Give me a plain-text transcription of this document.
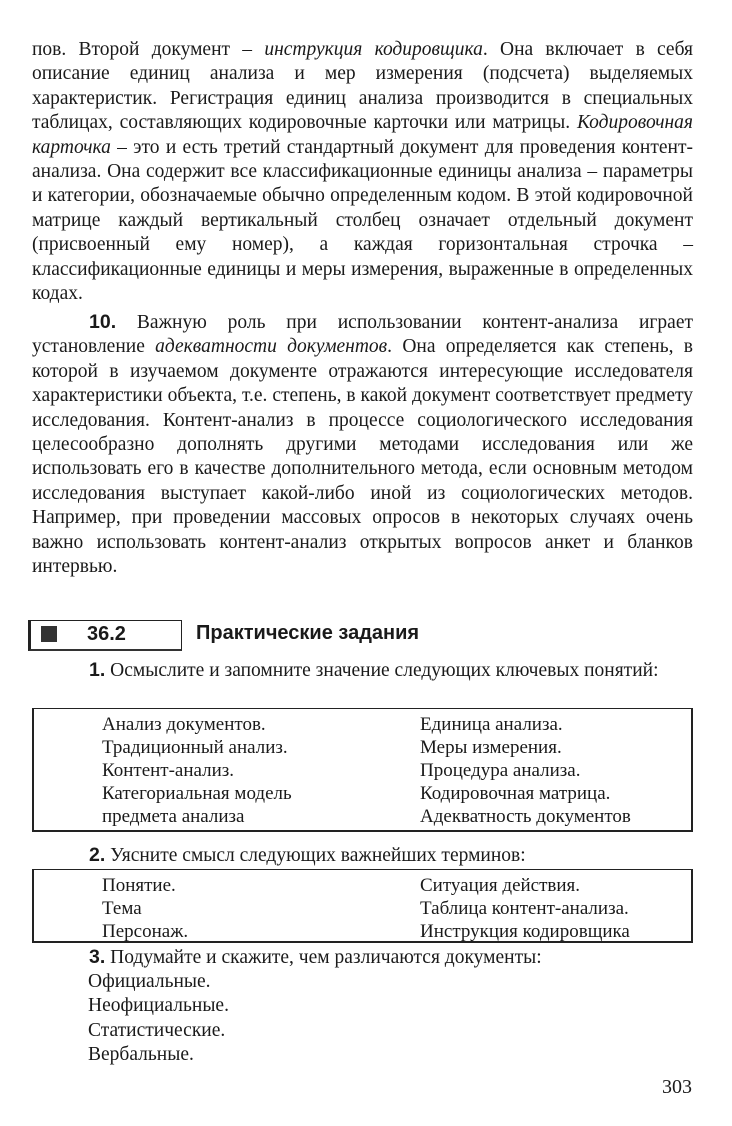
пов. Второй документ – инструкция кодировщика. Она включает в себя описание единиц анализа и мер измерения (подсчета) выделяемых характеристик. Регистрация единиц анализа производится в специальных таблицах, составляющих кодировочные карточки или матрицы. Кодировочная карточка – это и есть третий стандартный документ для проведения контент-анализа. Она содержит все классификационные единицы анализа – параметры и категории, обозначаемые обычно определенным кодом. В этой кодировочной матрице каждый вертикальный столбец означает отдельный документ (присвоенный ему номер), а каждая горизонтальная строчка – классификационные единицы и меры измерения, выраженные в определенных кодах.
10. Важную роль при использовании контент-анализа играет установление адекватности документов. Она определяется как степень, в которой в изучаемом документе отражаются интересующие исследователя характеристики объекта, т.е. степень, в какой документ соответствует предмету исследования. Контент-анализ в процессе социологического исследования целесообразно дополнять другими методами исследования или же использовать его в качестве дополнительного метода, если основным методом исследования выступает какой-либо иной из социологических методов. Например, при проведении массовых опросов в некоторых случаях очень важно использовать контент-анализ открытых вопросов анкет и бланков интервью.
36.2	Практические задания
1. Осмыслите и запомните значение следующих ключевых понятий:
Анализ документов.
Традиционный анализ.
Контент-анализ.
Категориальная модель
предмета анализа
Единица анализа.
Меры измерения.
Процедура анализа.
Кодировочная матрица.
Адекватность документов
2. Уясните смысл следующих важнейших терминов:
Понятие.
Тема
Персонаж.
Ситуация действия.
Таблица контент-анализа.
Инструкция кодировщика
3. Подумайте и скажите, чем различаются документы:
Официальные.
Неофициальные.
Статистические.
Вербальные.
303
